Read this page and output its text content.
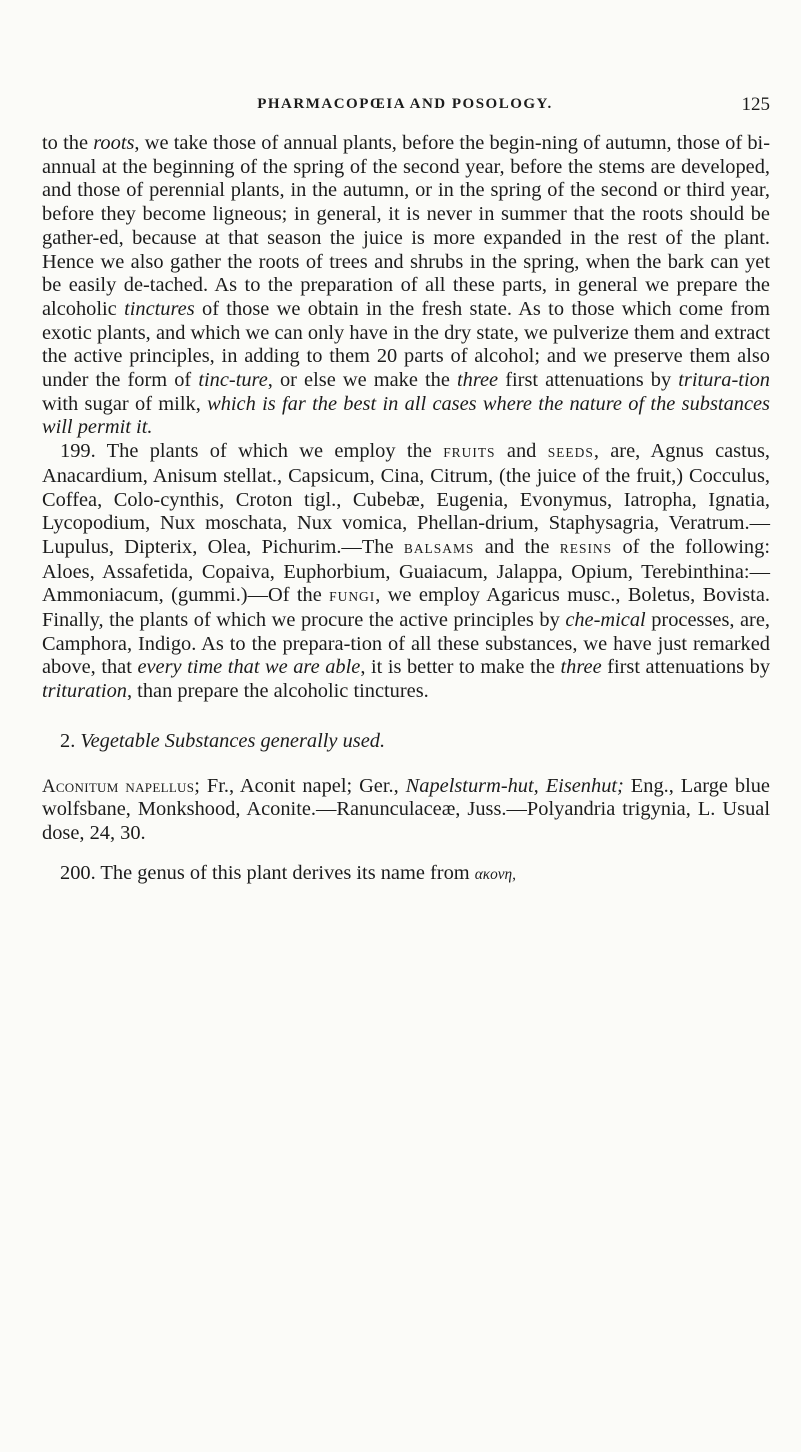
PHARMACOPŒIA AND POSOLOGY.	125

to the roots, we take those of annual plants, before the begin-ning of autumn, those of bi-annual at the beginning of the spring of the second year, before the stems are developed, and those of perennial plants, in the autumn, or in the spring of the second or third year, before they become ligneous; in general, it is never in summer that the roots should be gather-ed, because at that season the juice is more expanded in the rest of the plant. Hence we also gather the roots of trees and shrubs in the spring, when the bark can yet be easily de-tached. As to the preparation of all these parts, in general we prepare the alcoholic tinctures of those we obtain in the fresh state. As to those which come from exotic plants, and which we can only have in the dry state, we pulverize them and extract the active principles, in adding to them 20 parts of alcohol; and we preserve them also under the form of tinc-ture, or else we make the three first attenuations by tritura-tion with sugar of milk, which is far the best in all cases where the nature of the substances will permit it.

199. The plants of which we employ the FRUITS and SEEDS, are, Agnus castus, Anacardium, Anisum stellat., Capsicum, Cina, Citrum, (the juice of the fruit,) Cocculus, Coffea, Colo-cynthis, Croton tigl., Cubebæ, Eugenia, Evonymus, Iatropha, Ignatia, Lycopodium, Nux moschata, Nux vomica, Phellan-drium, Staphysagria, Veratrum.—Lupulus, Dipterix, Olea, Pichurim.—The BALSAMS and the RESINS of the following: Aloes, Assafetida, Copaiva, Euphorbium, Guaiacum, Jalappa, Opium, Terebinthina:—Ammoniacum, (gummi.)—Of the FUNGI, we employ Agaricus musc., Boletus, Bovista. Finally, the plants of which we procure the active principles by che-mical processes, are, Camphora, Indigo. As to the prepara-tion of all these substances, we have just remarked above, that every time that we are able, it is better to make the three first attenuations by trituration, than prepare the alcoholic tinctures.

2. Vegetable Substances generally used.

Aconitum napellus; Fr., Aconit napel; Ger., Napelsturm-hut, Eisenhut; Eng., Large blue wolfsbane, Monkshood, Aconite.—Ranunculaceæ, Juss.—Polyandria trigynia, L. Usual dose, 24, 30.

200. The genus of this plant derives its name from ακονη,
